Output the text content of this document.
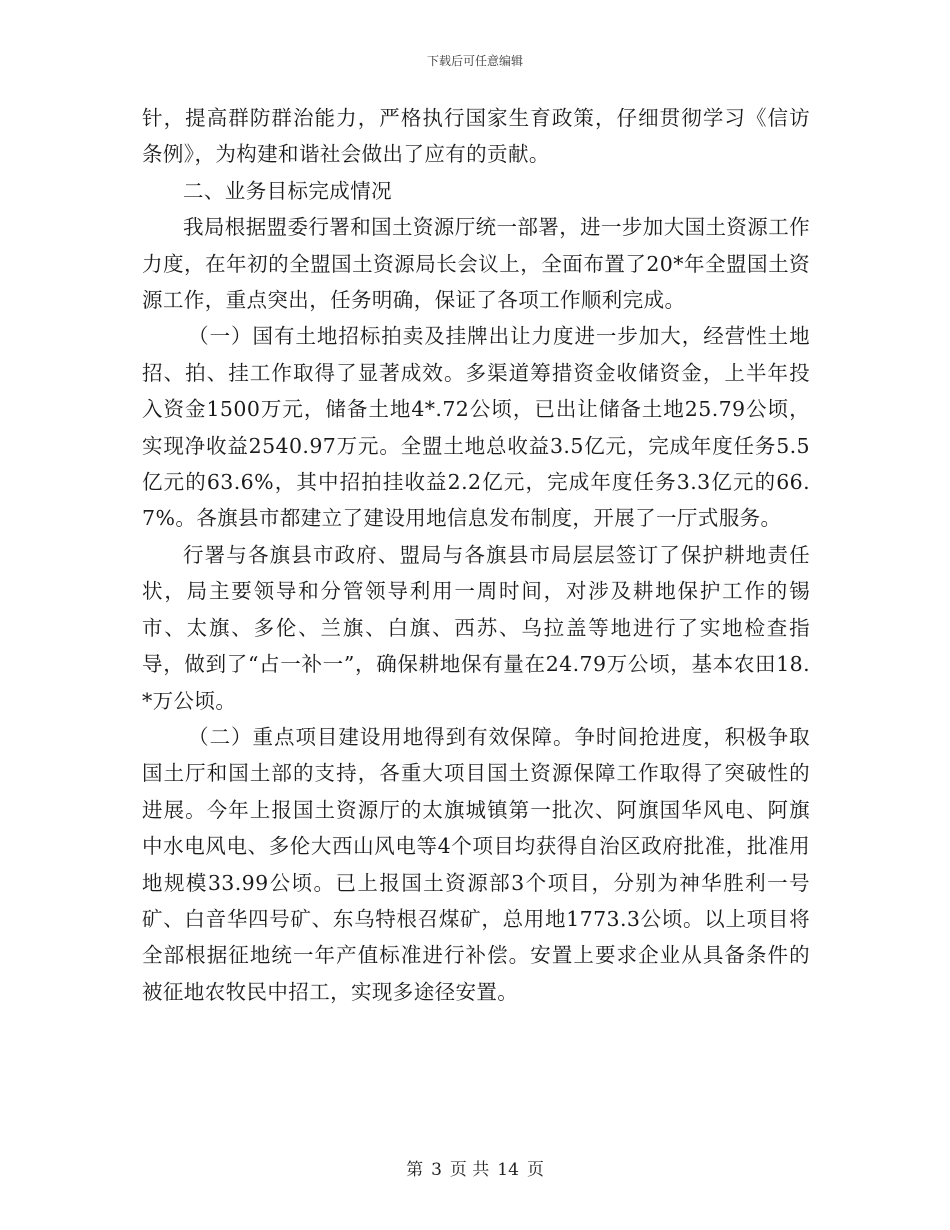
下载后可任意编辑

针，提高群防群治能力，严格执行国家生育政策，仔细贯彻学习《信访条例》，为构建和谐社会做出了应有的贡献。

二、业务目标完成情况

我局根据盟委行署和国土资源厅统一部署，进一步加大国土资源工作力度，在年初的全盟国土资源局长会议上，全面布置了20*年全盟国土资源工作，重点突出，任务明确，保证了各项工作顺利完成。

（一）国有土地招标拍卖及挂牌出让力度进一步加大，经营性土地招、拍、挂工作取得了显著成效。多渠道筹措资金收储资金，上半年投入资金1500万元，储备土地4*.72公顷，已出让储备土地25.79公顷，实现净收益2540.97万元。全盟土地总收益3.5亿元，完成年度任务5.5亿元的63.6%，其中招拍挂收益2.2亿元，完成年度任务3.3亿元的66.7%。各旗县市都建立了建设用地信息发布制度，开展了一厅式服务。

行署与各旗县市政府、盟局与各旗县市局层层签订了保护耕地责任状，局主要领导和分管领导利用一周时间，对涉及耕地保护工作的锡市、太旗、多伦、兰旗、白旗、西苏、乌拉盖等地进行了实地检查指导，做到了“占一补一”，确保耕地保有量在24.79万公顷，基本农田18.*万公顷。

（二）重点项目建设用地得到有效保障。争时间抢进度，积极争取国土厅和国土部的支持，各重大项目国土资源保障工作取得了突破性的进展。今年上报国土资源厅的太旗城镇第一批次、阿旗国华风电、阿旗中水电风电、多伦大西山风电等4个项目均获得自治区政府批准，批准用地规模33.99公顷。已上报国土资源部3个项目，分别为神华胜利一号矿、白音华四号矿、东乌特根召煤矿，总用地1773.3公顷。以上项目将全部根据征地统一年产值标准进行补偿。安置上要求企业从具备条件的被征地农牧民中招工，实现多途径安置。

第 3 页 共 14 页
